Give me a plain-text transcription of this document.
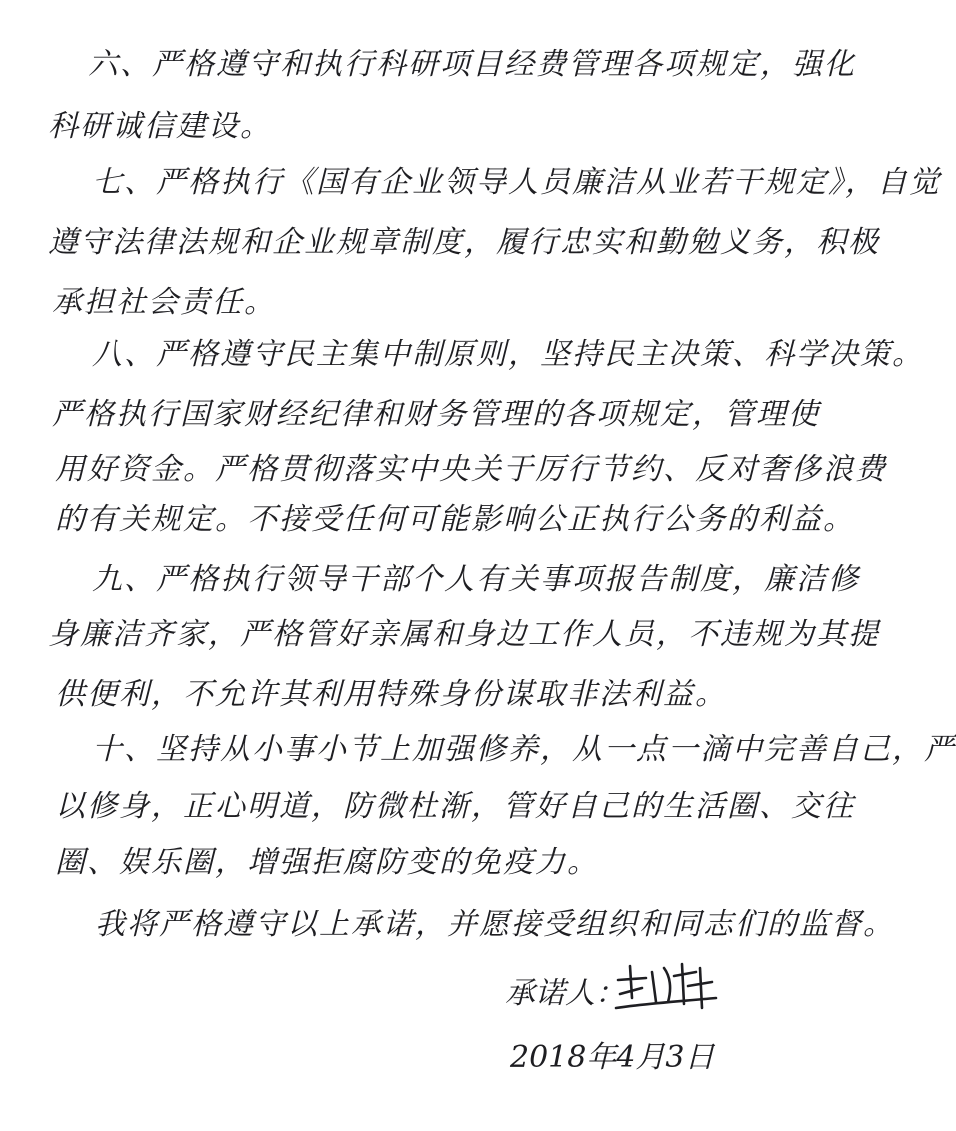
六、严格遵守和执行科研项目经费管理各项规定，强化
科研诚信建设。
七、严格执行《国有企业领导人员廉洁从业若干规定》，自觉
遵守法律法规和企业规章制度，履行忠实和勤勉义务，积极
承担社会责任。
八、严格遵守民主集中制原则，坚持民主决策、科学决策。
严格执行国家财经纪律和财务管理的各项规定，管理使
用好资金。严格贯彻落实中央关于厉行节约、反对奢侈浪费
的有关规定。不接受任何可能影响公正执行公务的利益。
九、严格执行领导干部个人有关事项报告制度，廉洁修
身廉洁齐家，严格管好亲属和身边工作人员，不违规为其提
供便利，不允许其利用特殊身份谋取非法利益。
十、坚持从小事小节上加强修养，从一点一滴中完善自己，严
以修身，正心明道，防微杜渐，管好自己的生活圈、交往
圈、娱乐圈，增强拒腐防变的免疫力。
我将严格遵守以上承诺，并愿接受组织和同志们的监督。
承诺人：
2018年4月3日
